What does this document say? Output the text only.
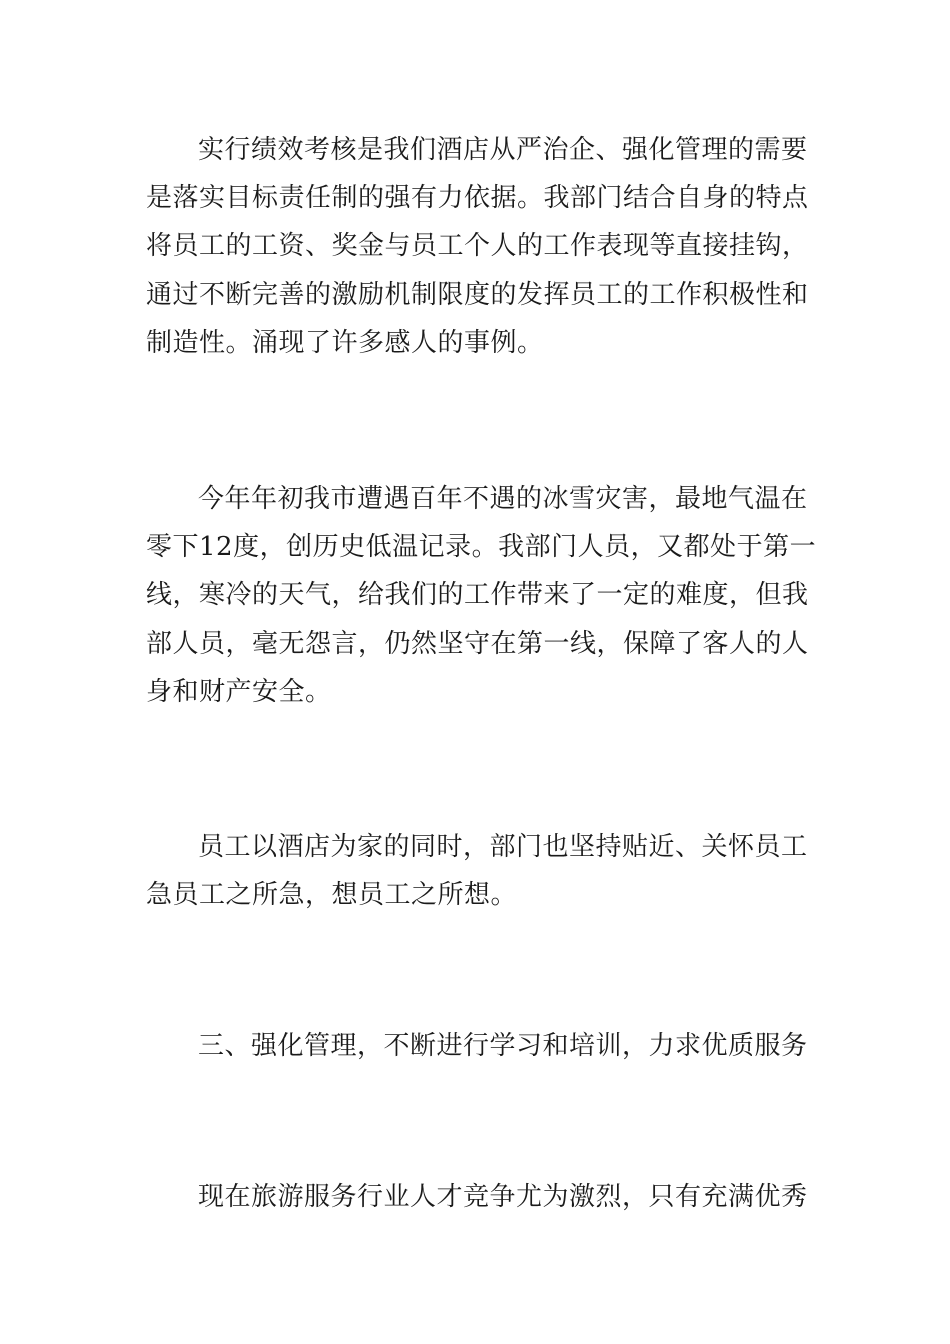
实行绩效考核是我们酒店从严治企、强化管理的需要
是落实目标责任制的强有力依据。我部门结合自身的特点
将员工的工资、奖金与员工个人的工作表现等直接挂钩，
通过不断完善的激励机制限度的发挥员工的工作积极性和
制造性。涌现了许多感人的事例。
今年年初我市遭遇百年不遇的冰雪灾害，最地气温在
零下12度，创历史低温记录。我部门人员，又都处于第一
线，寒冷的天气，给我们的工作带来了一定的难度，但我
部人员，毫无怨言，仍然坚守在第一线，保障了客人的人
身和财产安全。
员工以酒店为家的同时，部门也坚持贴近、关怀员工
急员工之所急，想员工之所想。
三、强化管理，不断进行学习和培训，力求优质服务
现在旅游服务行业人才竞争尤为激烈，只有充满优秀
